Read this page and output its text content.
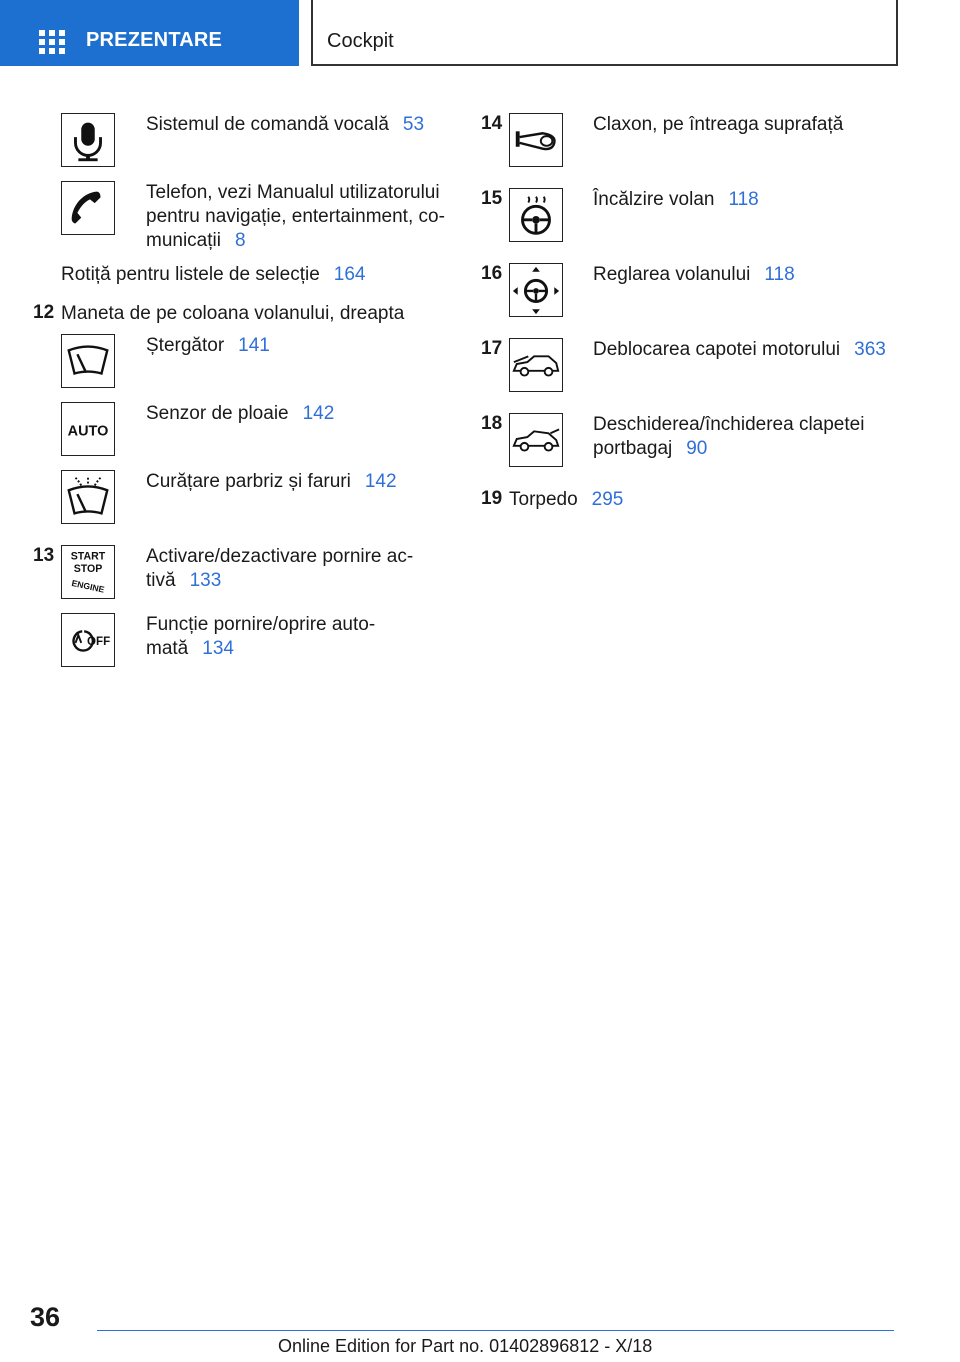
PREZENTARE	Cockpit
Sistemul de comandă vocală 53
Telefon, vezi Manualul utilizatorului
pentru navigație, entertainment, co-
municații 8
Rotiță pentru listele de selecție 164
12 Maneta de pe coloana volanului, dreapta
Ștergător 141
AUTO
Senzor de ploaie 142
Curățare parbriz și faruri 142
13 START
STOP
ENGINE
Activare/dezactivare pornire ac-
tivă 133
OFF
Funcție pornire/oprire auto-
mată 134
14	Claxon, pe întreaga suprafață
15	Încălzire volan 118
16	Reglarea volanului 118
17	Deblocarea capotei motorului 363
18	Deschiderea/închiderea clapetei
portbagaj 90
19 Torpedo 295
36
Online Edition for Part no. 01402896812 - X/18
